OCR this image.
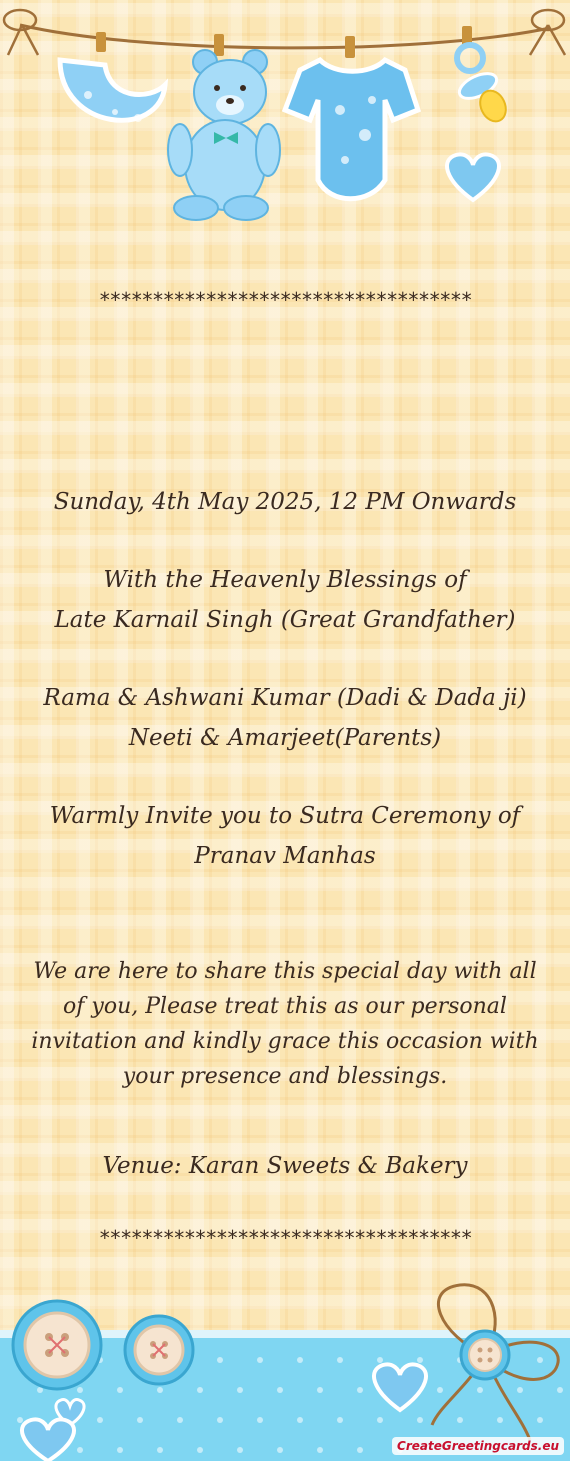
***********************************
Sunday, 4th May 2025, 12 PM Onwards
With the Heavenly Blessings of
Late Karnail Singh (Great Grandfather)
Rama & Ashwani Kumar (Dadi & Dada ji)
Neeti & Amarjeet(Parents)
Warmly Invite you to Sutra Ceremony of
Pranav Manhas
We are here to share this special day with all of you, Please treat this as our personal invitation and kindly grace this occasion with your presence and blessings.
Venue: Karan Sweets & Bakery
***********************************
CreateGreetingcards.eu
